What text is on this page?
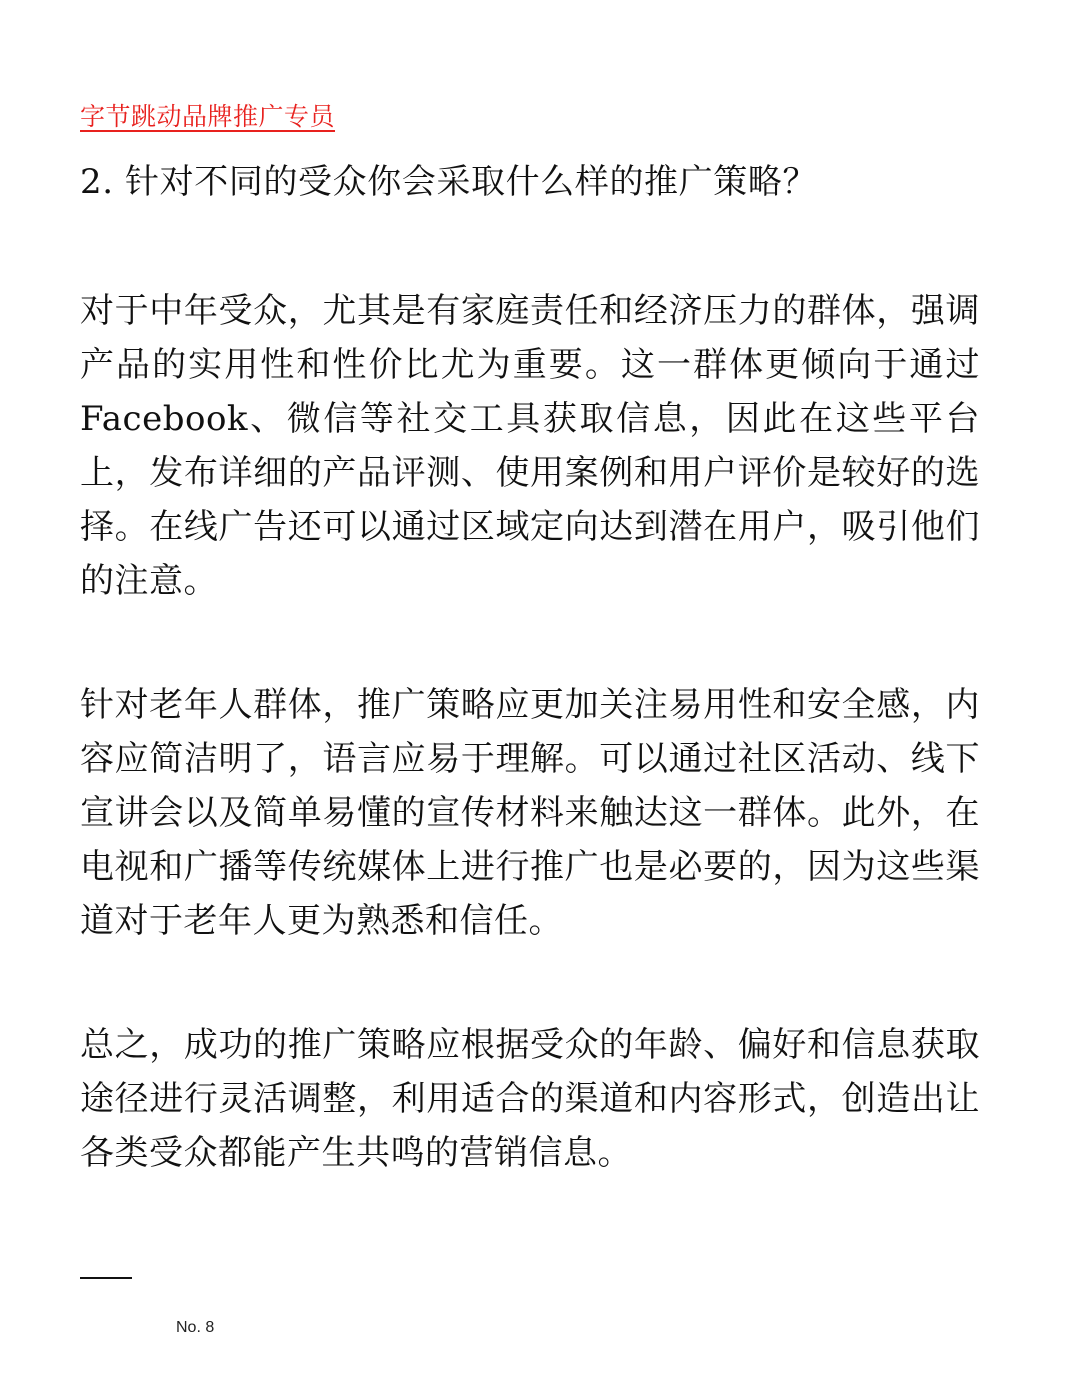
字节跳动品牌推广专员
2. 针对不同的受众你会采取什么样的推广策略？

对于中年受众，尤其是有家庭责任和经济压力的群体，强调产品的实用性和性价比尤为重要。这一群体更倾向于通过 Facebook、微信等社交工具获取信息，因此在这些平台上，发布详细的产品评测、使用案例和用户评价是较好的选择。在线广告还可以通过区域定向达到潜在用户，吸引他们的注意。

针对老年人群体，推广策略应更加关注易用性和安全感，内容应简洁明了，语言应易于理解。可以通过社区活动、线下宣讲会以及简单易懂的宣传材料来触达这一群体。此外，在电视和广播等传统媒体上进行推广也是必要的，因为这些渠道对于老年人更为熟悉和信任。

总之，成功的推广策略应根据受众的年龄、偏好和信息获取途径进行灵活调整，利用适合的渠道和内容形式，创造出让各类受众都能产生共鸣的营销信息。

No. 8
